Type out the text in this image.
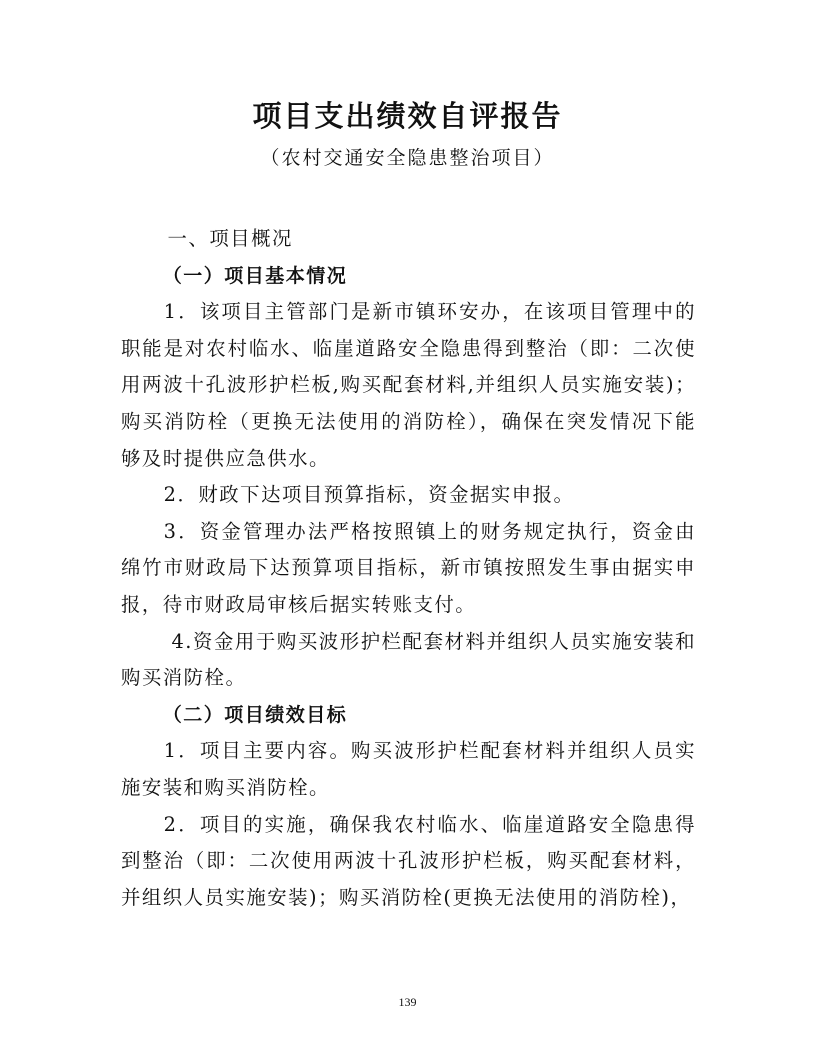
项目支出绩效自评报告
（农村交通安全隐患整治项目）

一、项目概况

（一）项目基本情况

1．该项目主管部门是新市镇环安办，在该项目管理中的职能是对农村临水、临崖道路安全隐患得到整治（即：二次使用两波十孔波形护栏板,购买配套材料,并组织人员实施安装)；购买消防栓（更换无法使用的消防栓），确保在突发情况下能够及时提供应急供水。

2．财政下达项目预算指标，资金据实申报。

3．资金管理办法严格按照镇上的财务规定执行，资金由绵竹市财政局下达预算项目指标，新市镇按照发生事由据实申报，待市财政局审核后据实转账支付。

4.资金用于购买波形护栏配套材料并组织人员实施安装和购买消防栓。

（二）项目绩效目标

1．项目主要内容。购买波形护栏配套材料并组织人员实施安装和购买消防栓。

2．项目的实施，确保我农村临水、临崖道路安全隐患得到整治（即：二次使用两波十孔波形护栏板，购买配套材料，并组织人员实施安装)；购买消防栓(更换无法使用的消防栓)，

139
